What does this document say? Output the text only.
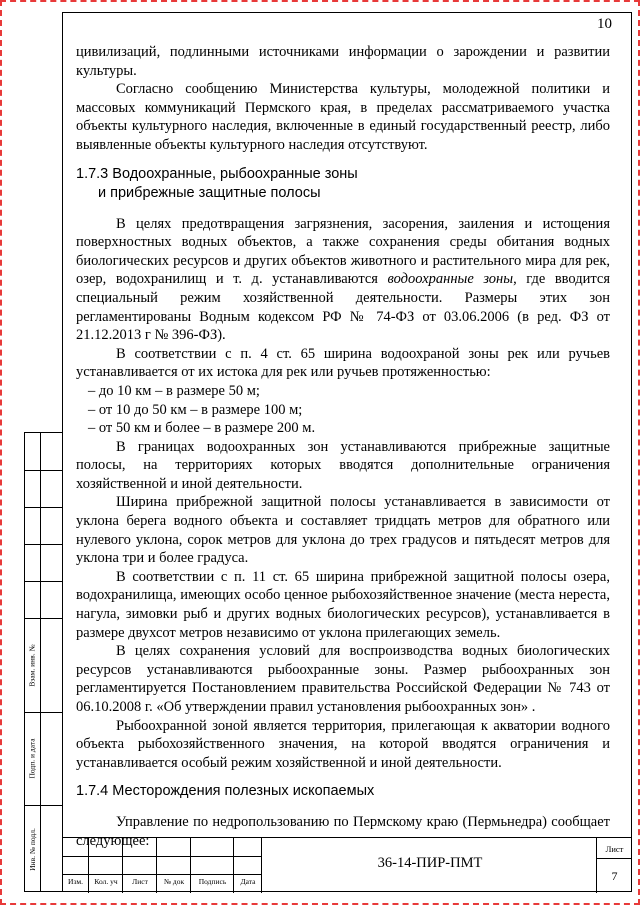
10

цивилизаций, подлинными источниками информации о зарождении и развитии культуры.

Согласно сообщению Министерства культуры, молодежной политики и массовых коммуникаций Пермского края, в пределах рассматриваемого участка объекты культурного наследия, включенные в единый государственный реестр, либо выявленные объекты культурного наследия отсутствуют.

1.7.3 Водоохранные, рыбоохранные зоны
и прибрежные защитные полосы

В целях предотвращения загрязнения, засорения, заиления и истощения поверхностных водных объектов, а также сохранения среды обитания водных биологических ресурсов и других объектов животного и растительного мира для рек, озер, водохранилищ и т. д. устанавливаются водоохранные зоны, где вводится специальный режим хозяйственной деятельности. Размеры этих зон регламентированы Водным кодексом РФ № 74-ФЗ от 03.06.2006 (в ред. ФЗ от 21.12.2013 г № 396-ФЗ).

В соответствии с п. 4 ст. 65 ширина водоохраной зоны рек или ручьев устанавливается от их истока для рек или ручьев протяженностью:

– до 10 км – в размере 50 м;

– от 10 до 50 км – в размере 100 м;

– от 50 км и более – в размере 200 м.

В границах водоохранных зон устанавливаются прибрежные защитные полосы, на территориях которых вводятся дополнительные ограничения хозяйственной и иной деятельности.

Ширина прибрежной защитной полосы устанавливается в зависимости от уклона берега водного объекта и составляет тридцать метров для обратного или нулевого уклона, сорок метров для уклона до трех градусов и пятьдесят метров для уклона три и более градуса.

В соответствии с п. 11 ст. 65 ширина прибрежной защитной полосы озера, водохранилища, имеющих особо ценное рыбохозяйственное значение (места нереста, нагула, зимовки рыб и других водных биологических ресурсов), устанавливается в размере двухсот метров независимо от уклона прилегающих земель.

В целях сохранения условий для воспроизводства водных биологических ресурсов устанавливаются рыбоохранные зоны. Размер рыбоохранных зон регламентируется Постановлением правительства Российской Федерации № 743 от 06.10.2008 г. «Об утверждении правил установления рыбоохранных зон» .

Рыбоохранной зоной является территория, прилегающая к акватории водного объекта рыбохозяйственного значения, на которой вводятся ограничения и устанавливается особый режим хозяйственной и иной деятельности.

1.7.4 Месторождения полезных ископаемых

Управление по недропользованию по Пермскому краю (Пермьнедра) сообщает следующее:

Взам. инв. №
Подп. и дата
Инв. № подл.
Изм.	Кол. уч	Лист	№ док	Подпись	Дата
36-14-ПИР-ПМТ
Лист
7
